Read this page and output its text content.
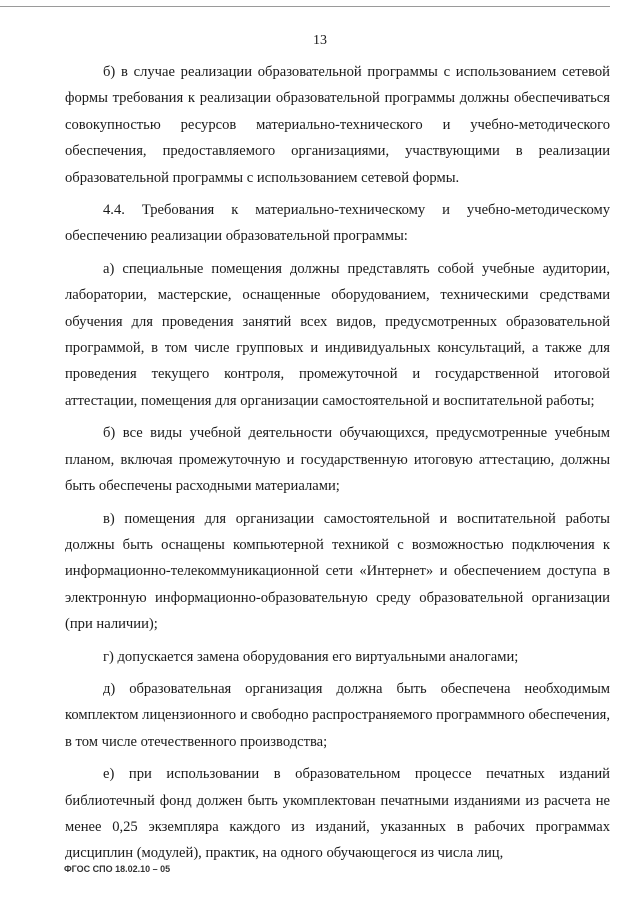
13

б) в случае реализации образовательной программы с использованием сетевой формы требования к реализации образовательной программы должны обеспечиваться совокупностью ресурсов материально-технического и учебно-методического обеспечения, предоставляемого организациями, участвующими в реализации образовательной программы с использованием сетевой формы.

4.4. Требования к материально-техническому и учебно-методическому обеспечению реализации образовательной программы:

а) специальные помещения должны представлять собой учебные аудитории, лаборатории, мастерские, оснащенные оборудованием, техническими средствами обучения для проведения занятий всех видов, предусмотренных образовательной программой, в том числе групповых и индивидуальных консультаций, а также для проведения текущего контроля, промежуточной и государственной итоговой аттестации, помещения для организации самостоятельной и воспитательной работы;

б) все виды учебной деятельности обучающихся, предусмотренные учебным планом, включая промежуточную и государственную итоговую аттестацию, должны быть обеспечены расходными материалами;

в) помещения для организации самостоятельной и воспитательной работы должны быть оснащены компьютерной техникой с возможностью подключения к информационно-телекоммуникационной сети «Интернет» и обеспечением доступа в электронную информационно-образовательную среду образовательной организации (при наличии);

г) допускается замена оборудования его виртуальными аналогами;

д) образовательная организация должна быть обеспечена необходимым комплектом лицензионного и свободно распространяемого программного обеспечения, в том числе отечественного производства;

е) при использовании в образовательном процессе печатных изданий библиотечный фонд должен быть укомплектован печатными изданиями из расчета не менее 0,25 экземпляра каждого из изданий, указанных в рабочих программах дисциплин (модулей), практик, на одного обучающегося из числа лиц,

ФГОС СПО 18.02.10 – 05
